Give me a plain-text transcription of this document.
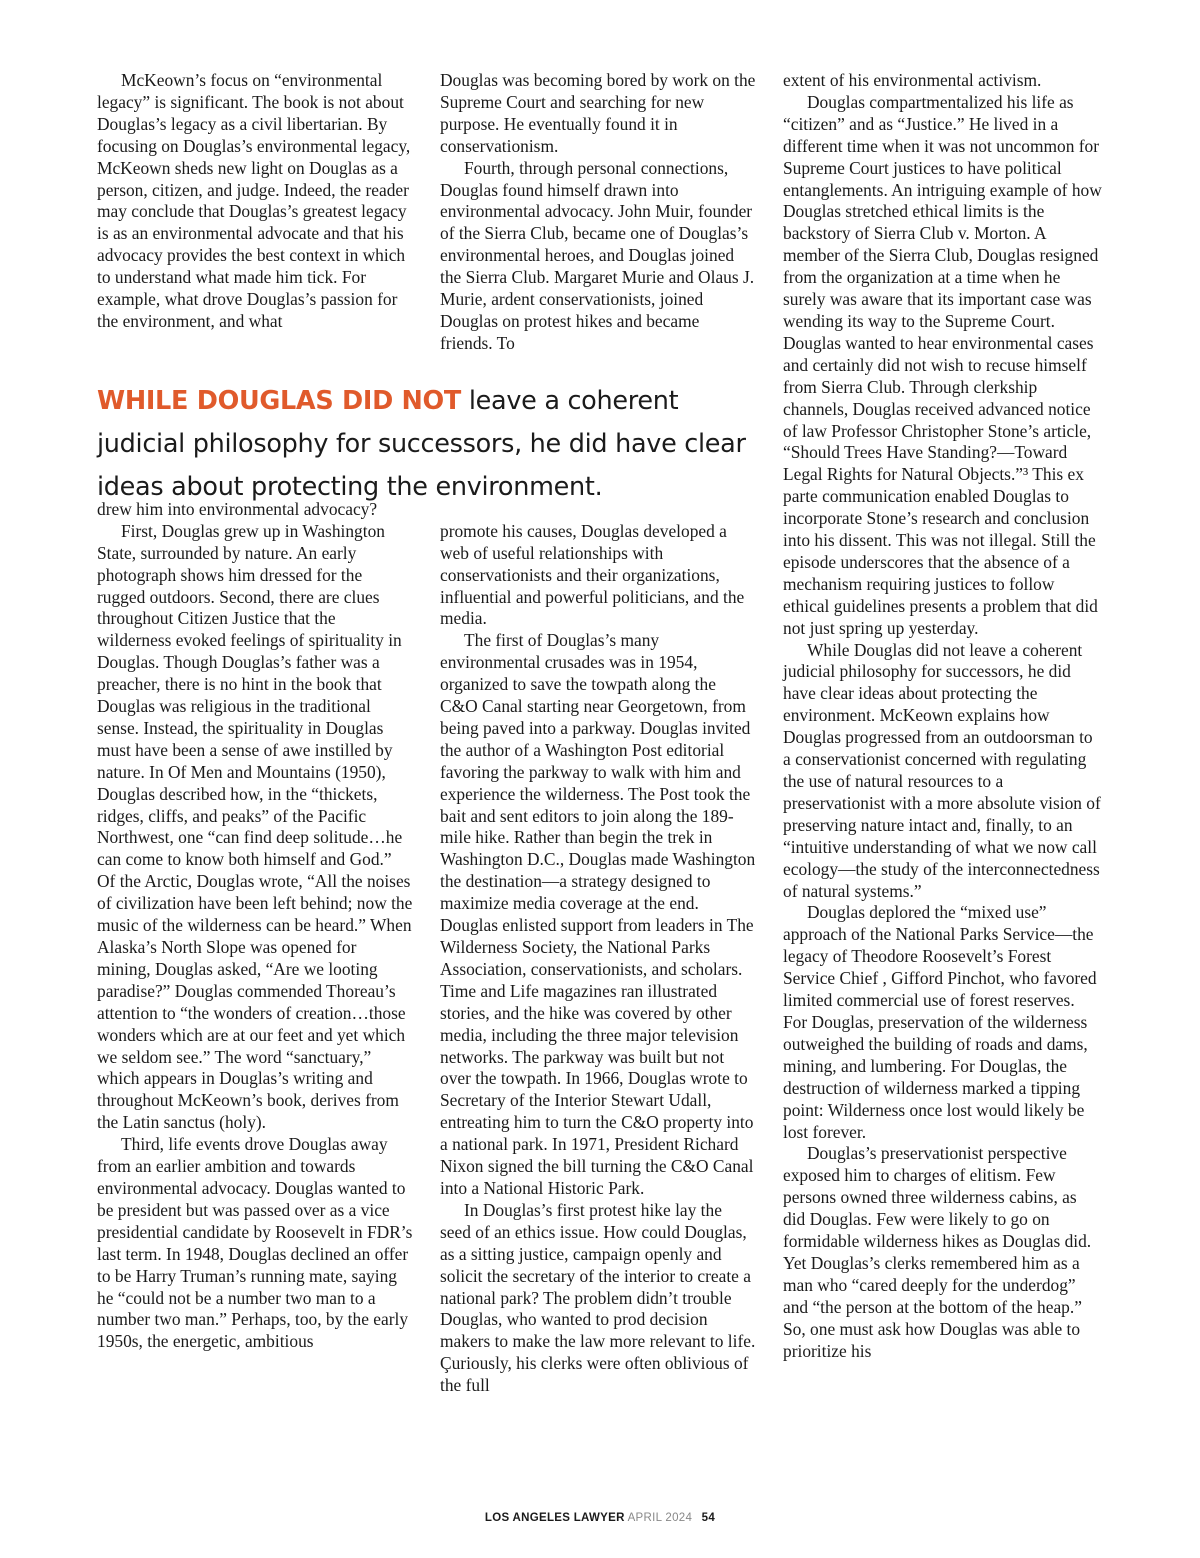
McKeown’s focus on “environmental legacy” is significant. The book is not about Douglas’s legacy as a civil libertarian. By focusing on Douglas’s environmental legacy, McKeown sheds new light on Douglas as a person, citizen, and judge. Indeed, the reader may conclude that Douglas’s greatest legacy is as an environmental advocate and that his advocacy provides the best context in which to understand what made him tick. For example, what drove Douglas’s passion for the environment, and what

drew him into environmental advocacy?

First, Douglas grew up in Washington State, surrounded by nature. An early photograph shows him dressed for the rugged outdoors. Second, there are clues throughout Citizen Justice that the wilderness evoked feelings of spirituality in Douglas. Though Douglas’s father was a preacher, there is no hint in the book that Douglas was religious in the traditional sense. Instead, the spirituality in Douglas must have been a sense of awe instilled by nature. In Of Men and Mountains (1950), Douglas described how, in the “thickets, ridges, cliffs, and peaks” of the Pacific Northwest, one “can find deep solitude…he can come to know both himself and God.” Of the Arctic, Douglas wrote, “All the noises of civilization have been left behind; now the music of the wilderness can be heard.” When Alaska’s North Slope was opened for mining, Douglas asked, “Are we looting paradise?” Douglas commended Thoreau’s attention to “the wonders of creation…those wonders which are at our feet and yet which we seldom see.” The word “sanctuary,” which appears in Douglas’s writing and throughout McKeown’s book, derives from the Latin sanctus (holy).

Third, life events drove Douglas away from an earlier ambition and towards environmental advocacy. Douglas wanted to be president but was passed over as a vice presidential candidate by Roosevelt in FDR’s last term. In 1948, Douglas declined an offer to be Harry Truman’s running mate, saying he “could not be a number two man to a number two man.” Perhaps, too, by the early 1950s, the energetic, ambitious

Douglas was becoming bored by work on the Supreme Court and searching for new purpose. He eventually found it in conservationism.

Fourth, through personal connections, Douglas found himself drawn into environmental advocacy. John Muir, founder of the Sierra Club, became one of Douglas’s environmental heroes, and Douglas joined the Sierra Club. Margaret Murie and Olaus J. Murie, ardent conservationists, joined Douglas on protest hikes and became friends. To

promote his causes, Douglas developed a web of useful relationships with conservationists and their organizations, influential and powerful politicians, and the media.

The first of Douglas’s many environmental crusades was in 1954, organized to save the towpath along the C&O Canal starting near Georgetown, from being paved into a parkway. Douglas invited the author of a Washington Post editorial favoring the parkway to walk with him and experience the wilderness. The Post took the bait and sent editors to join along the 189-mile hike. Rather than begin the trek in Washington D.C., Douglas made Washington the destination—a strategy designed to maximize media coverage at the end. Douglas enlisted support from leaders in The Wilderness Society, the National Parks Association, conservationists, and scholars. Time and Life magazines ran illustrated stories, and the hike was covered by other media, including the three major television networks. The parkway was built but not over the towpath. In 1966, Douglas wrote to Secretary of the Interior Stewart Udall, entreating him to turn the C&O property into a national park. In 1971, President Richard Nixon signed the bill turning the C&O Canal into a National Historic Park.

In Douglas’s first protest hike lay the seed of an ethics issue. How could Douglas, as a sitting justice, campaign openly and solicit the secretary of the interior to create a national park? The problem didn’t trouble Douglas, who wanted to prod decision makers to make the law more relevant to life. Çuriously, his clerks were often oblivious of the full

extent of his environmental activism.

Douglas compartmentalized his life as “citizen” and as “Justice.” He lived in a different time when it was not uncommon for Supreme Court justices to have political entanglements. An intriguing example of how Douglas stretched ethical limits is the backstory of Sierra Club v. Morton. A member of the Sierra Club, Douglas resigned from the organization at a time when he surely was aware that its important case was wending its way to the Supreme Court. Douglas wanted to hear environmental cases and certainly did not wish to recuse himself from Sierra Club. Through clerkship channels, Douglas received advanced notice of law Professor Christopher Stone’s article, “Should Trees Have Standing?—Toward Legal Rights for Natural Objects.”³ This ex parte communication enabled Douglas to incorporate Stone’s research and conclusion into his dissent. This was not illegal. Still the episode underscores that the absence of a mechanism requiring justices to follow ethical guidelines presents a problem that did not just spring up yesterday.

While Douglas did not leave a coherent judicial philosophy for successors, he did have clear ideas about protecting the environment. McKeown explains how Douglas progressed from an outdoorsman to a conservationist concerned with regulating the use of natural resources to a preservationist with a more absolute vision of preserving nature intact and, finally, to an “intuitive understanding of what we now call ecology—the study of the interconnectedness of natural systems.”

Douglas deplored the “mixed use” approach of the National Parks Service—the legacy of Theodore Roosevelt’s Forest Service Chief , Gifford Pinchot, who favored limited commercial use of forest reserves. For Douglas, preservation of the wilderness outweighed the building of roads and dams, mining, and lumbering. For Douglas, the destruction of wilderness marked a tipping point: Wilderness once lost would likely be lost forever.

Douglas’s preservationist perspective exposed him to charges of elitism. Few persons owned three wilderness cabins, as did Douglas. Few were likely to go on formidable wilderness hikes as Douglas did. Yet Douglas’s clerks remembered him as a man who “cared deeply for the underdog” and “the person at the bottom of the heap.” So, one must ask how Douglas was able to prioritize his

WHILE DOUGLAS DID NOT leave a coherent judicial philosophy for successors, he did have clear ideas about protecting the environment.
LOS ANGELES LAWYER APRIL 2024 54
